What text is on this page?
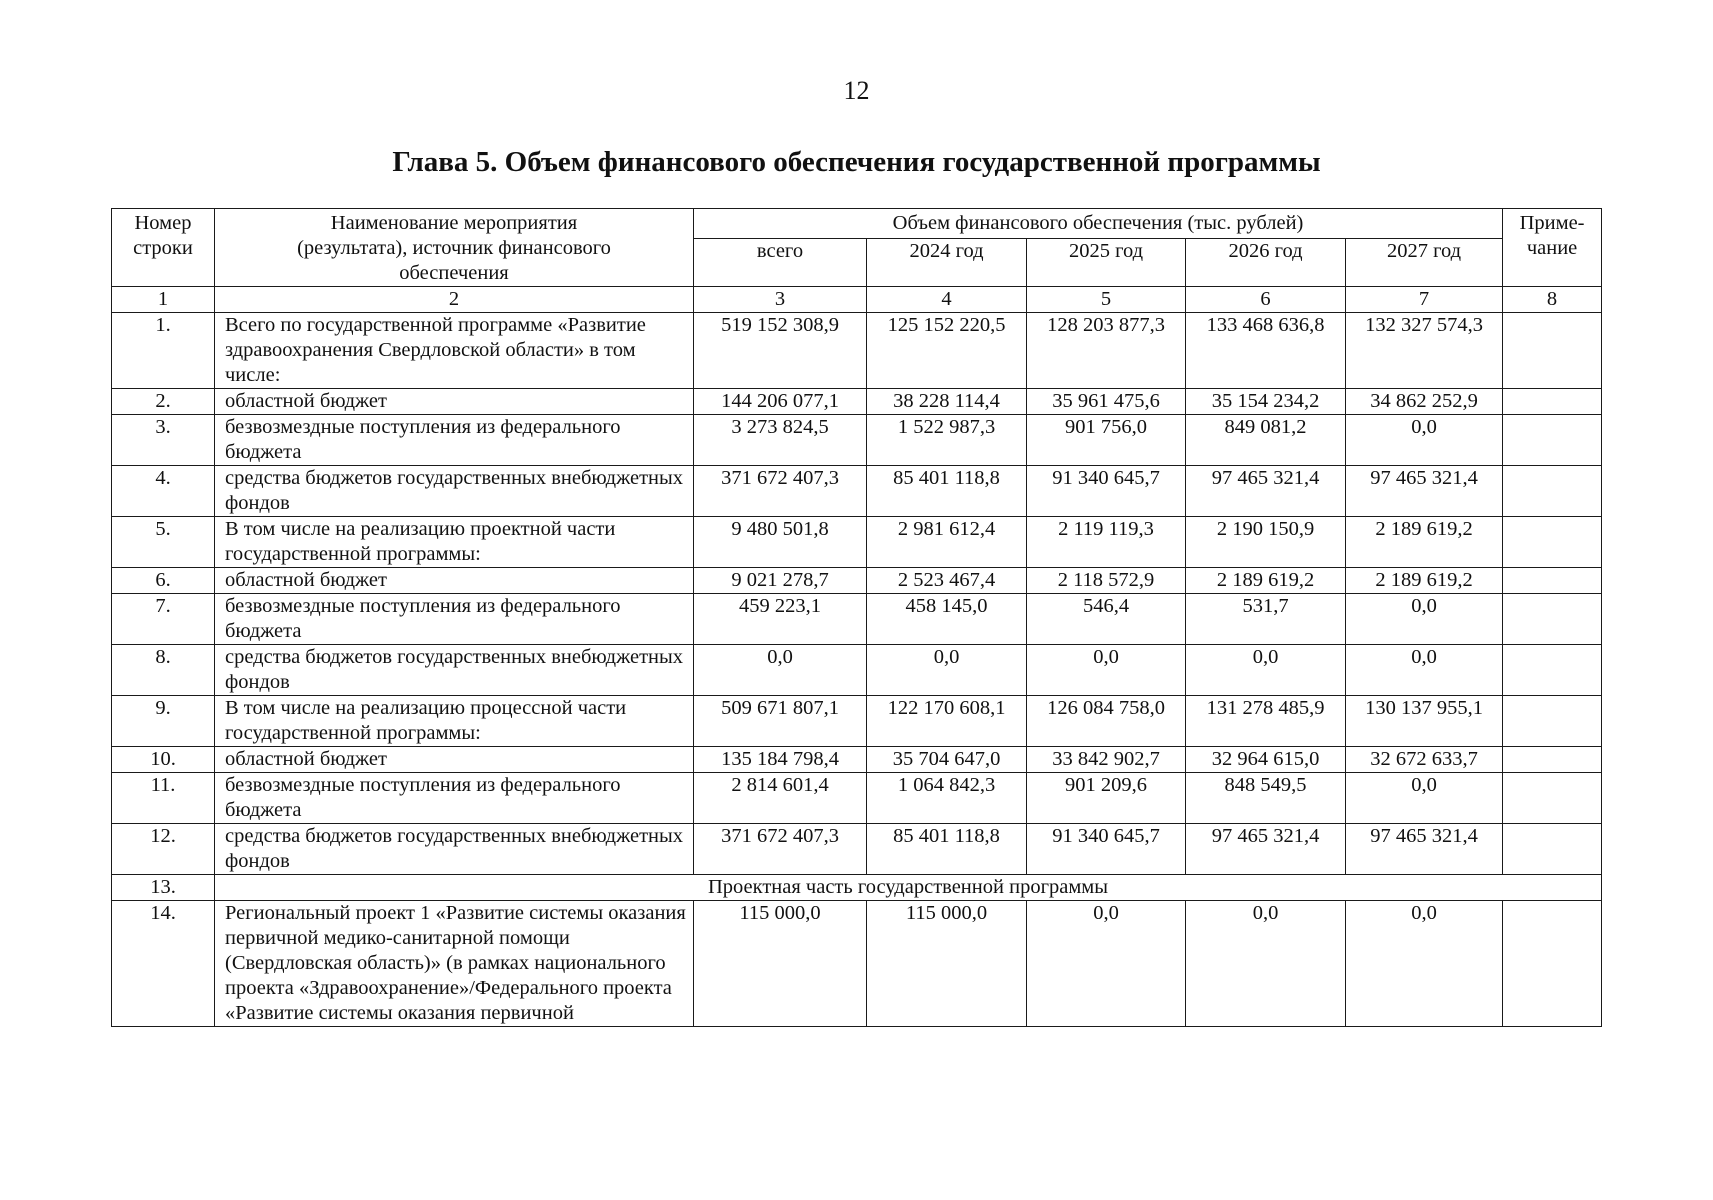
12
Глава 5. Объем финансового обеспечения государственной программы
Номер строки	Наименование мероприятия (результата), источник финансового обеспечения	Объем финансового обеспечения (тыс. рублей)					Приме-чание
		всего	2024 год	2025 год	2026 год	2027 год	
1	2	3	4	5	6	7	8
1.	Всего по государственной программе «Развитие здравоохранения Свердловской области» в том числе:	519 152 308,9	125 152 220,5	128 203 877,3	133 468 636,8	132 327 574,3	
2.	областной бюджет	144 206 077,1	38 228 114,4	35 961 475,6	35 154 234,2	34 862 252,9	
3.	безвозмездные поступления из федерального бюджета	3 273 824,5	1 522 987,3	901 756,0	849 081,2	0,0	
4.	средства бюджетов государственных внебюджетных фондов	371 672 407,3	85 401 118,8	91 340 645,7	97 465 321,4	97 465 321,4	
5.	В том числе на реализацию проектной части государственной программы:	9 480 501,8	2 981 612,4	2 119 119,3	2 190 150,9	2 189 619,2	
6.	областной бюджет	9 021 278,7	2 523 467,4	2 118 572,9	2 189 619,2	2 189 619,2	
7.	безвозмездные поступления из федерального бюджета	459 223,1	458 145,0	546,4	531,7	0,0	
8.	средства бюджетов государственных внебюджетных фондов	0,0	0,0	0,0	0,0	0,0	
9.	В том числе на реализацию процессной части государственной программы:	509 671 807,1	122 170 608,1	126 084 758,0	131 278 485,9	130 137 955,1	
10.	областной бюджет	135 184 798,4	35 704 647,0	33 842 902,7	32 964 615,0	32 672 633,7	
11.	безвозмездные поступления из федерального бюджета	2 814 601,4	1 064 842,3	901 209,6	848 549,5	0,0	
12.	средства бюджетов государственных внебюджетных фондов	371 672 407,3	85 401 118,8	91 340 645,7	97 465 321,4	97 465 321,4	
13.	Проектная часть государственной программы						
14.	Региональный проект 1 «Развитие системы оказания первичной медико-санитарной помощи (Свердловская область)» (в рамках национального проекта «Здравоохранение»/Федерального проекта «Развитие системы оказания первичной	115 000,0	115 000,0	0,0	0,0	0,0	
